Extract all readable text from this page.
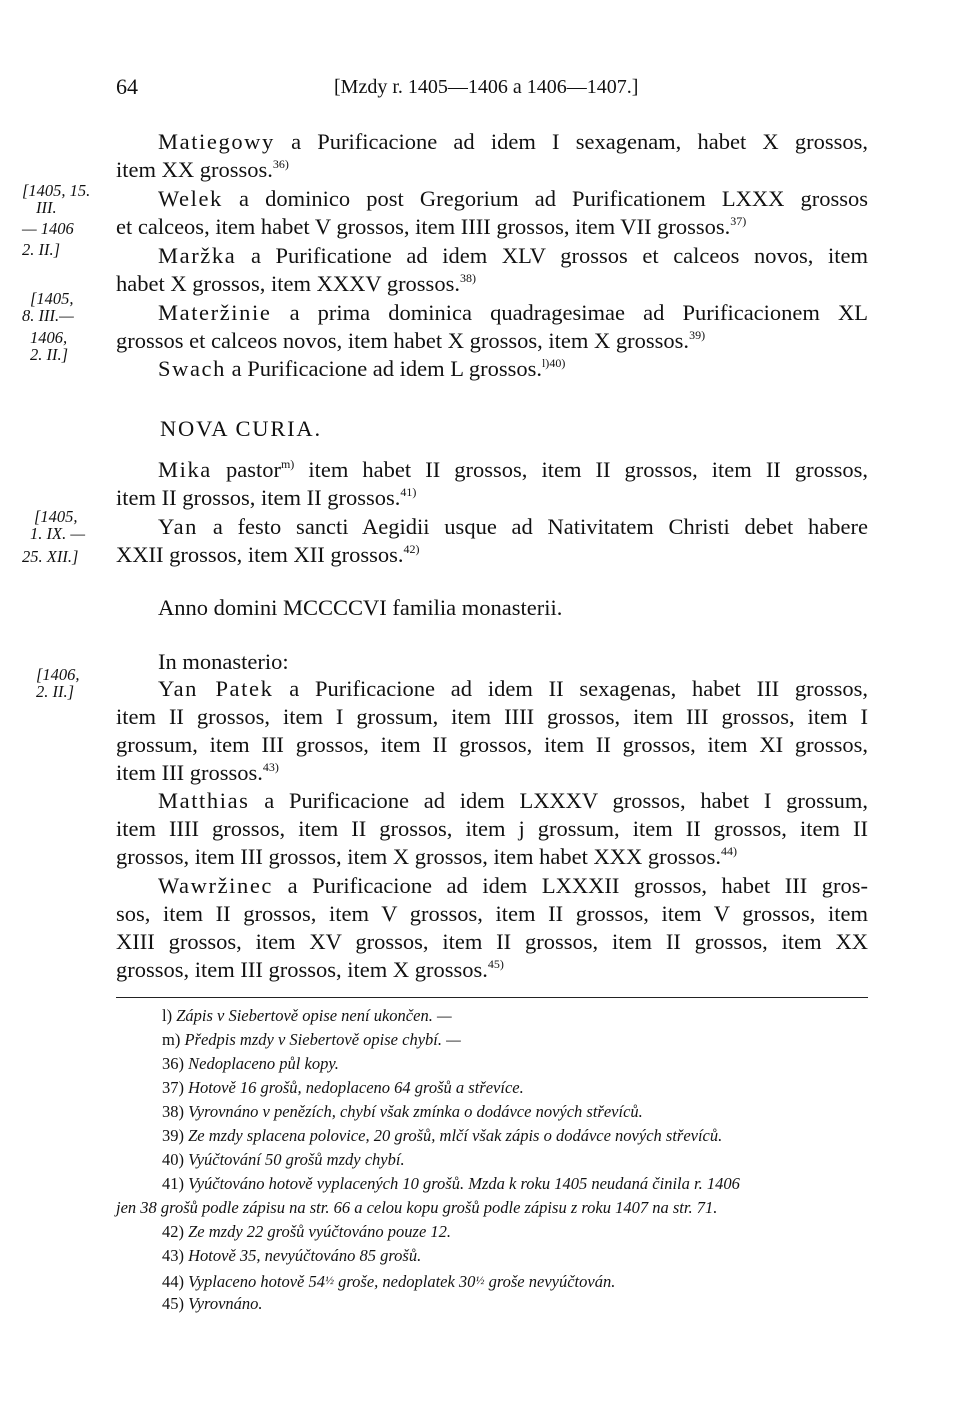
64	[Mzdy r. 1405—1406 a 1406—1407.]
[1405, 15.
III.
— 1406
2. II.]
[1405,
8. III.—
1406,
2. II.]
[1405,
1. IX. —
25. XII.]
[1406,
2. II.]
Matiegowy a Purificacione ad idem I sexagenam, habet X grossos,
item XX grossos.$^{36)}$
Welek a dominico post Gregorium ad Purificationem LXXX grossos
et calceos, item habet V grossos, item IIII grossos, item VII grossos.$^{37)}$
Maržka a Purificatione ad idem XLV grossos et calceos novos, item
habet X grossos, item XXXV grossos.$^{38)}$
Materžinie a prima dominica quadragesimae ad Purificacionem XL
grossos et calceos novos, item habet X grossos, item X grossos.$^{39)}$
Swach a Purificacione ad idem L grossos.$^{l)40)}$
NOVA CURIA.
Mika pastor$^{m)}$ item habet II grossos, item II grossos, item II grossos,
item II grossos, item II grossos.$^{41)}$
Yan a festo sancti Aegidii usque ad Nativitatem Christi debet habere
XXII grossos, item XII grossos.$^{42)}$
Anno domini MCCCCVI familia monasterii.
In monasterio:
Yan Patek a Purificacione ad idem II sexagenas, habet III grossos,
item II grossos, item I grossum, item IIII grossos, item III grossos, item I
grossum, item III grossos, item II grossos, item II grossos, item XI grossos,
item III grossos.$^{43)}$
Matthias a Purificacione ad idem LXXXV grossos, habet I grossum,
item IIII grossos, item II grossos, item j grossum, item II grossos, item II
grossos, item III grossos, item X grossos, item habet XXX grossos.$^{44)}$
Wawržinec a Purificacione ad idem LXXXII grossos, habet III gros-
sos, item II grossos, item V grossos, item II grossos, item V grossos, item
XIII grossos, item XV grossos, item II grossos, item II grossos, item XX
grossos, item III grossos, item X grossos.$^{45)}$
l) Zápis v Siebertově opise není ukončen. —
m) Předpis mzdy v Siebertově opise chybí. —
36) Nedoplaceno půl kopy.
37) Hotově 16 grošů, nedoplaceno 64 grošů a střevíce.
38) Vyrovnáno v penězích, chybí však zmínka o dodávce nových střevíců.
39) Ze mzdy splacena polovice, 20 grošů, mlčí však zápis o dodávce nových střevíců.
40) Vyúčtování 50 grošů mzdy chybí.
41) Vyúčtováno hotově vyplacených 10 grošů. Mzda k roku 1405 neudaná činila r. 1406
jen 38 grošů podle zápisu na str. 66 a celou kopu grošů podle zápisu z roku 1407 na str. 71.
42) Ze mzdy 22 grošů vyúčtováno pouze 12.
43) Hotově 35, nevyúčtováno 85 grošů.
44) Vyplaceno hotově 54½ groše, nedoplatek 30½ groše nevyúčtován.
45) Vyrovnáno.
